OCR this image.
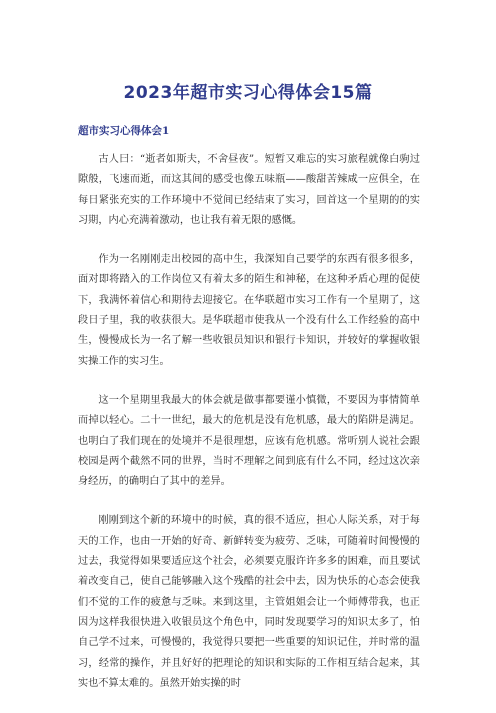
2023年超市实习心得体会15篇
超市实习心得体会1

古人曰：“逝者如斯夫，不舍昼夜”。短暂又难忘的实习旅程就像白驹过隙般，飞速而逝，而这其间的感受也像五味瓶——酸甜苦辣咸一应俱全，在每日紧张充实的工作环境中不觉间已经结束了实习，回首这一个星期的的实习期，内心充满着激动，也让我有着无限的感慨。

作为一名刚刚走出校园的高中生，我深知自己要学的东西有很多很多，面对即将踏入的工作岗位又有着太多的陌生和神秘，在这种矛盾心理的促使下，我满怀着信心和期待去迎接它。在华联超市实习工作有一个星期了，这段日子里，我的收获很大。是华联超市使我从一个没有什么工作经验的高中生，慢慢成长为一名了解一些收银员知识和银行卡知识，并较好的掌握收银实操工作的实习生。

这一个星期里我最大的体会就是做事都要谨小慎微，不要因为事情简单而掉以轻心。二十一世纪，最大的危机是没有危机感，最大的陷阱是满足。也明白了我们现在的处境并不是很理想，应该有危机感。常听别人说社会跟校园是两个截然不同的世界，当时不理解之间到底有什么不同，经过这次亲身经历，的确明白了其中的差异。

刚刚到这个新的环境中的时候，真的很不适应，担心人际关系，对于每天的工作，也由一开始的好奇、新鲜转变为疲劳、乏味，可随着时间慢慢的过去，我觉得如果要适应这个社会，必须要克服许许多多的困难，而且要试着改变自己，使自己能够融入这个残酷的社会中去，因为快乐的心态会使我们不觉的工作的疲惫与乏味。来到这里，主管姐姐会让一个师傅带我，也正因为这样我很快进入收银员这个角色中，同时发现要学习的知识太多了，怕自己学不过来，可慢慢的，我觉得只要把一些重要的知识记住，并时常的温习，经常的操作，并且好好的把理论的知识和实际的工作相互结合起来，其实也不算太难的。虽然开始实操的时
